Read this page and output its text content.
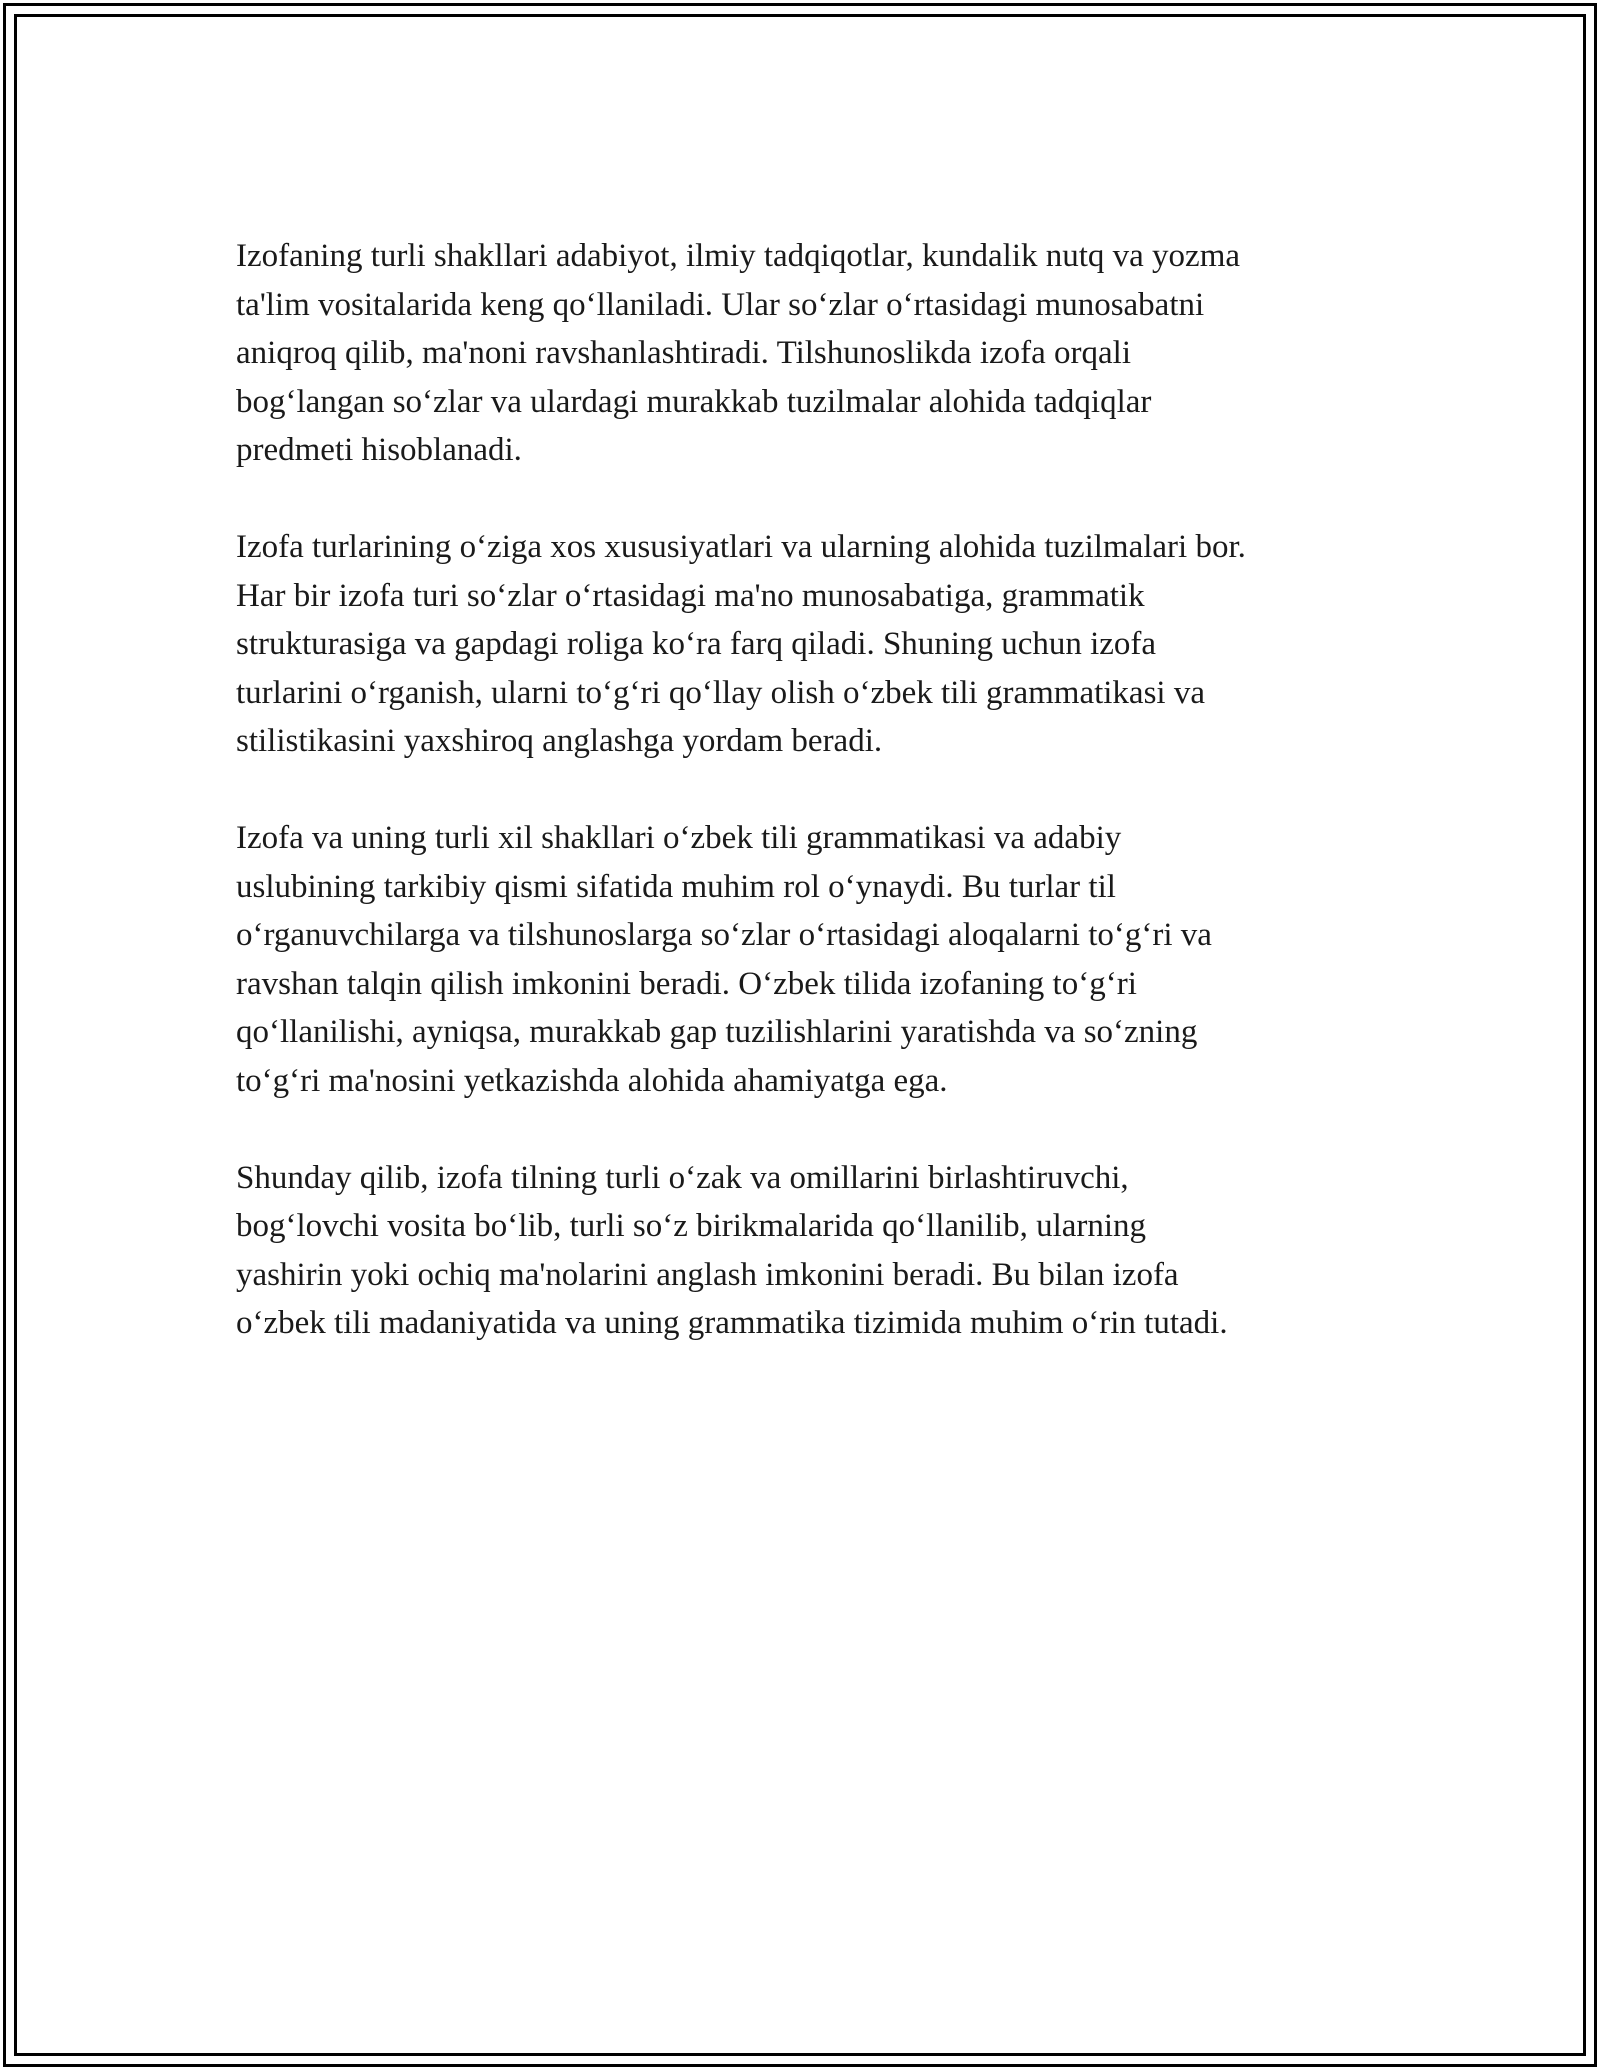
Izofaning turli shakllari adabiyot, ilmiy tadqiqotlar, kundalik nutq va yozma
ta'lim vositalarida keng qo‘llaniladi. Ular so‘zlar o‘rtasidagi munosabatni
aniqroq qilib, ma'noni ravshanlashtiradi. Tilshunoslikda izofa orqali
bog‘langan so‘zlar va ulardagi murakkab tuzilmalar alohida tadqiqlar
predmeti hisoblanadi.

Izofa turlarining o‘ziga xos xususiyatlari va ularning alohida tuzilmalari bor.
Har bir izofa turi so‘zlar o‘rtasidagi ma'no munosabatiga, grammatik
strukturasiga va gapdagi roliga ko‘ra farq qiladi. Shuning uchun izofa
turlarini o‘rganish, ularni to‘g‘ri qo‘llay olish o‘zbek tili grammatikasi va
stilistikasini yaxshiroq anglashga yordam beradi.

Izofa va uning turli xil shakllari o‘zbek tili grammatikasi va adabiy
uslubining tarkibiy qismi sifatida muhim rol o‘ynaydi. Bu turlar til
o‘rganuvchilarga va tilshunoslarga so‘zlar o‘rtasidagi aloqalarni to‘g‘ri va
ravshan talqin qilish imkonini beradi. O‘zbek tilida izofaning to‘g‘ri
qo‘llanilishi, ayniqsa, murakkab gap tuzilishlarini yaratishda va so‘zning
to‘g‘ri ma'nosini yetkazishda alohida ahamiyatga ega.

Shunday qilib, izofa tilning turli o‘zak va omillarini birlashtiruvchi,
bog‘lovchi vosita bo‘lib, turli so‘z birikmalarida qo‘llanilib, ularning
yashirin yoki ochiq ma'nolarini anglash imkonini beradi. Bu bilan izofa
o‘zbek tili madaniyatida va uning grammatika tizimida muhim o‘rin tutadi.
